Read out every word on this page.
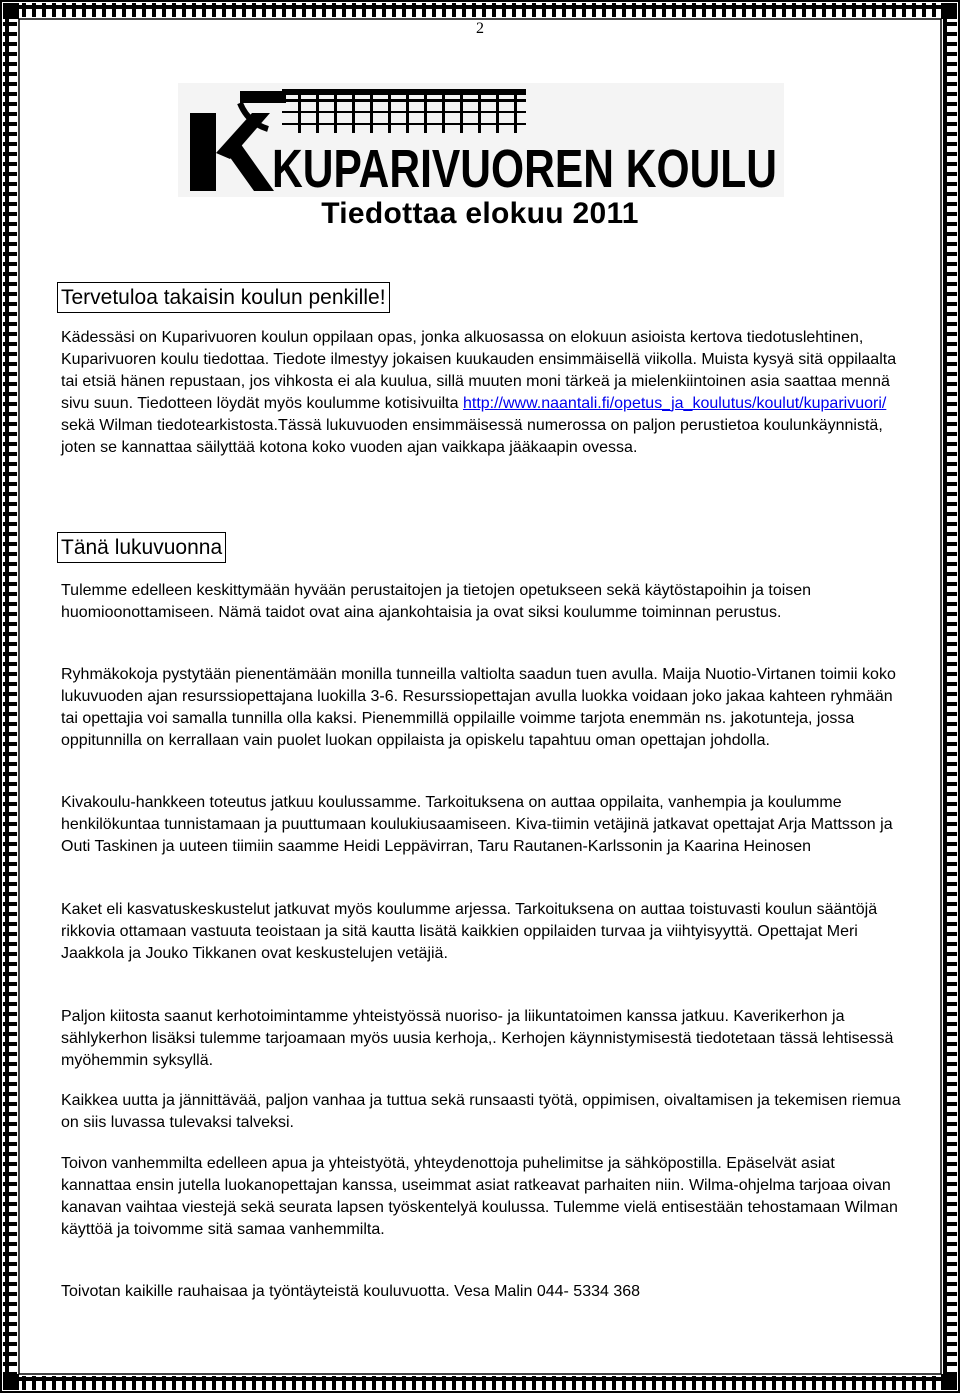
2
KUPARIVUOREN KOULU
Tiedottaa elokuu 2011
Tervetuloa takaisin koulun penkille!

Kädessäsi on Kuparivuoren koulun oppilaan opas, jonka alkuosassa on elokuun asioista kertova tiedotuslehtinen, Kuparivuoren koulu tiedottaa. Tiedote ilmestyy jokaisen kuukauden ensimmäisellä viikolla. Muista kysyä sitä oppilaalta tai etsiä hänen repustaan, jos vihkosta ei ala kuulua, sillä muuten moni tärkeä ja mielenkiintoinen asia saattaa mennä sivu suun. Tiedotteen löydät myös koulumme kotisivuilta http://www.naantali.fi/opetus_ja_koulutus/koulut/kuparivuori/ sekä Wilman tiedotearkistosta.Tässä lukuvuoden ensimmäisessä numerossa on paljon perustietoa koulunkäynnistä, joten se kannattaa säilyttää kotona koko vuoden ajan vaikkapa jääkaapin ovessa.

Tänä lukuvuonna

Tulemme edelleen keskittymään hyvään perustaitojen ja tietojen opetukseen sekä käytöstapoihin ja toisen huomioonottamiseen. Nämä taidot ovat aina ajankohtaisia ja ovat siksi koulumme toiminnan perustus.

Ryhmäkokoja pystytään pienentämään monilla tunneilla valtiolta saadun tuen avulla. Maija Nuotio-Virtanen toimii koko lukuvuoden ajan resurssiopettajana luokilla 3-6. Resurssiopettajan avulla luokka voidaan joko jakaa kahteen ryhmään tai opettajia voi samalla tunnilla olla kaksi. Pienemmillä oppilaille voimme tarjota enemmän ns. jakotunteja, jossa oppitunnilla on kerrallaan vain puolet luokan oppilaista ja opiskelu tapahtuu oman opettajan johdolla.

Kivakoulu-hankkeen toteutus jatkuu koulussamme. Tarkoituksena on auttaa oppilaita, vanhempia ja koulumme henkilökuntaa tunnistamaan ja puuttumaan koulukiusaamiseen. Kiva-tiimin vetäjinä jatkavat opettajat Arja Mattsson ja Outi Taskinen ja uuteen tiimiin saamme Heidi Leppävirran, Taru Rautanen-Karlssonin ja Kaarina Heinosen

Kaket eli kasvatuskeskustelut jatkuvat myös koulumme arjessa. Tarkoituksena on auttaa toistuvasti koulun sääntöjä rikkovia ottamaan vastuuta teoistaan ja sitä kautta lisätä kaikkien oppilaiden turvaa ja viihtyisyyttä. Opettajat Meri Jaakkola ja Jouko Tikkanen ovat keskustelujen vetäjiä.

Paljon kiitosta saanut kerhotoimintamme yhteistyössä nuoriso- ja liikuntatoimen kanssa jatkuu. Kaverikerhon ja sählykerhon lisäksi tulemme tarjoamaan myös uusia kerhoja,. Kerhojen käynnistymisestä tiedotetaan tässä lehtisessä myöhemmin syksyllä.

Kaikkea uutta ja jännittävää, paljon vanhaa ja tuttua sekä runsaasti työtä, oppimisen, oivaltamisen ja tekemisen riemua on siis luvassa tulevaksi talveksi.

Toivon vanhemmilta edelleen apua ja yhteistyötä, yhteydenottoja puhelimitse ja sähköpostilla. Epäselvät asiat kannattaa ensin jutella luokanopettajan kanssa, useimmat asiat ratkeavat parhaiten niin. Wilma-ohjelma tarjoaa oivan kanavan vaihtaa viestejä sekä seurata lapsen työskentelyä koulussa. Tulemme vielä entisestään tehostamaan Wilman käyttöä ja toivomme sitä samaa vanhemmilta.

Toivotan kaikille rauhaisaa ja työntäyteistä kouluvuotta. Vesa Malin 044- 5334 368
